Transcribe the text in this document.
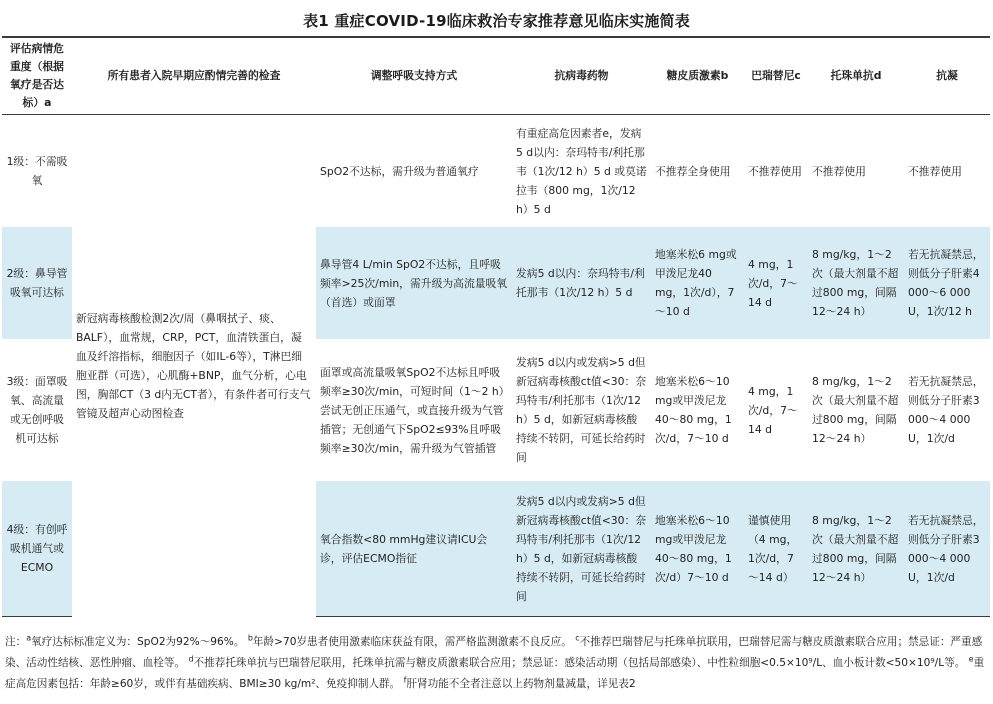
表1 重症COVID-19临床救治专家推荐意见临床实施简表
评估病情危重度（根据氧疗是否达标）a	所有患者入院早期应酌情完善的检查	调整呼吸支持方式	抗病毒药物	糖皮质激素b	巴瑞替尼c	托珠单抗d	抗凝
1级：不需吸氧	新冠病毒核酸检测2次/周（鼻咽拭子、痰、BALF），血常规，CRP，PCT，血清铁蛋白，凝血及纤溶指标，细胞因子（如IL-6等），T淋巴细胞亚群（可选），心肌酶+BNP，血气分析，心电图，胸部CT（3 d内无CT者），有条件者可行支气管镜及超声心动图检查	SpO2不达标，需升级为普通氧疗	有重症高危因素者e，发病5 d以内：奈玛特韦/利托那韦（1次/12 h）5 d 或莫诺拉韦（800 mg，1次/12 h）5 d	不推荐全身使用	不推荐使用	不推荐使用	不推荐使用
2级：鼻导管吸氧可达标		鼻导管4 L/min SpO2不达标，且呼吸频率>25次/min，需升级为高流量吸氧（首选）或面罩	发病5 d以内：奈玛特韦/利托那韦（1次/12 h）5 d	地塞米松6 mg或甲泼尼龙40 mg，1次/d），7～10 d	4 mg，1次/d，7～14 d	8 mg/kg，1～2次（最大剂量不超过800 mg，间隔12～24 h）	若无抗凝禁忌，则低分子肝素4 000～6 000 U，1次/12 h
3级：面罩吸氧、高流量或无创呼吸机可达标		面罩或高流量吸氧SpO2不达标且呼吸频率≥30次/min，可短时间（1～2 h）尝试无创正压通气，或直接升级为气管插管；无创通气下SpO2≤93%且呼吸频率≥30次/min，需升级为气管插管	发病5 d以内或发病>5 d但新冠病毒核酸ct值<30：奈玛特韦/利托那韦（1次/12 h）5 d，如新冠病毒核酸持续不转阴，可延长给药时间	地塞米松6～10 mg或甲泼尼龙40～80 mg，1次/d，7～10 d	4 mg，1次/d，7～14 d	8 mg/kg，1～2次（最大剂量不超过800 mg，间隔12～24 h）	若无抗凝禁忌，则低分子肝素3 000～4 000 U，1次/d
4级：有创呼吸机通气或ECMO		氧合指数<80 mmHg建议请ICU会诊，评估ECMO指征	发病5 d以内或发病>5 d但新冠病毒核酸ct值<30：奈玛特韦/利托那韦（1次/12 h）5 d，如新冠病毒核酸持续不转阴，可延长给药时间	地塞米松6～10 mg或甲泼尼龙40～80 mg，1次/d）7～10 d	谨慎使用（4 mg，1次/d，7～14 d）	8 mg/kg，1～2次（最大剂量不超过800 mg，间隔12～24 h）	若无抗凝禁忌，则低分子肝素3 000～4 000 U，1次/d
注：$^a$氧疗达标标准定义为：SpO2为92%～96%。 $^b$年龄>70岁患者使用激素临床获益有限，需严格监测激素不良反应。 $^c$不推荐巴瑞替尼与托珠单抗联用，巴瑞替尼需与糖皮质激素联合应用；禁忌证：严重感染、活动性结核、恶性肿瘤、血栓等。 $^d$不推荐托珠单抗与巴瑞替尼联用，托珠单抗需与糖皮质激素联合应用；禁忌证：感染活动期（包括局部感染）、中性粒细胞<0.5×10⁹/L、血小板计数<50×10⁹/L等。 $^e$重症高危因素包括：年龄≥60岁，或伴有基础疾病、BMI≥30 kg/m²、免疫抑制人群。 $^f$肝肾功能不全者注意以上药物剂量减量，详见表2
